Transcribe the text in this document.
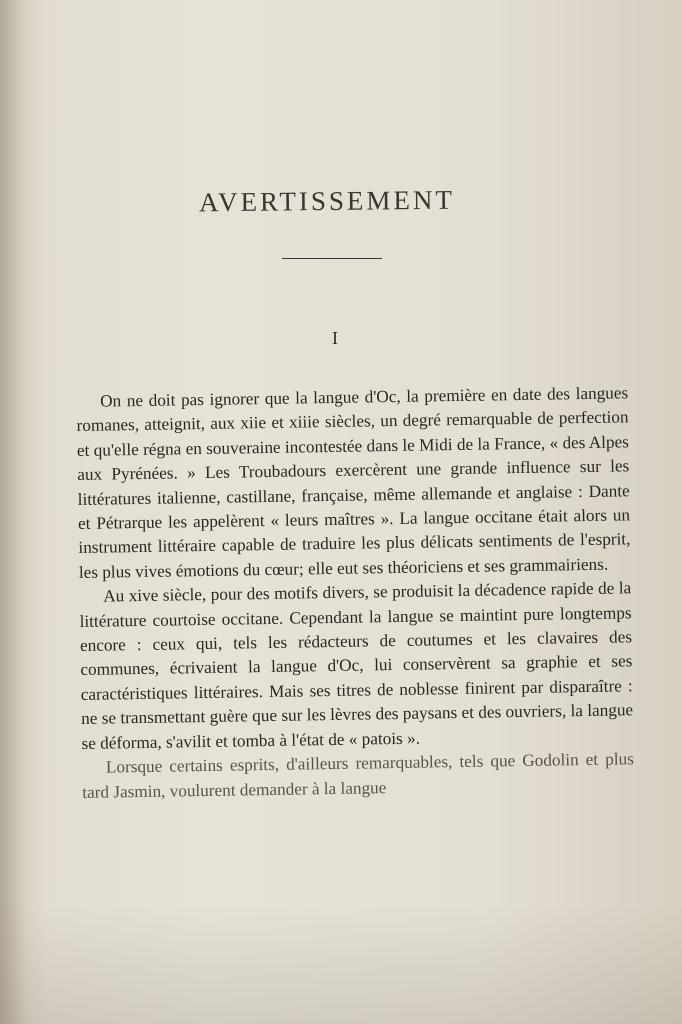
AVERTISSEMENT
I

On ne doit pas ignorer que la langue d'Oc, la première en date des langues romanes, atteignit, aux xiie et xiiie siècles, un degré remarquable de perfection et qu'elle régna en souveraine incontestée dans le Midi de la France, « des Alpes aux Pyrénées. » Les Troubadours exercèrent une grande influence sur les littératures italienne, castillane, française, même allemande et anglaise : Dante et Pétrarque les appelèrent « leurs maîtres ». La langue occitane était alors un instrument littéraire capable de traduire les plus délicats sentiments de l'esprit, les plus vives émotions du cœur; elle eut ses théoriciens et ses grammairiens.

Au xive siècle, pour des motifs divers, se produisit la décadence rapide de la littérature courtoise occitane. Cependant la langue se maintint pure longtemps encore : ceux qui, tels les rédacteurs de coutumes et les clavaires des communes, écrivaient la langue d'Oc, lui conservèrent sa graphie et ses caractéristiques littéraires. Mais ses titres de noblesse finirent par disparaître : ne se transmettant guère que sur les lèvres des paysans et des ouvriers, la langue se déforma, s'avilit et tomba à l'état de « patois ».

Lorsque certains esprits, d'ailleurs remarquables, tels que Godolin et plus tard Jasmin, voulurent demander à la langue
